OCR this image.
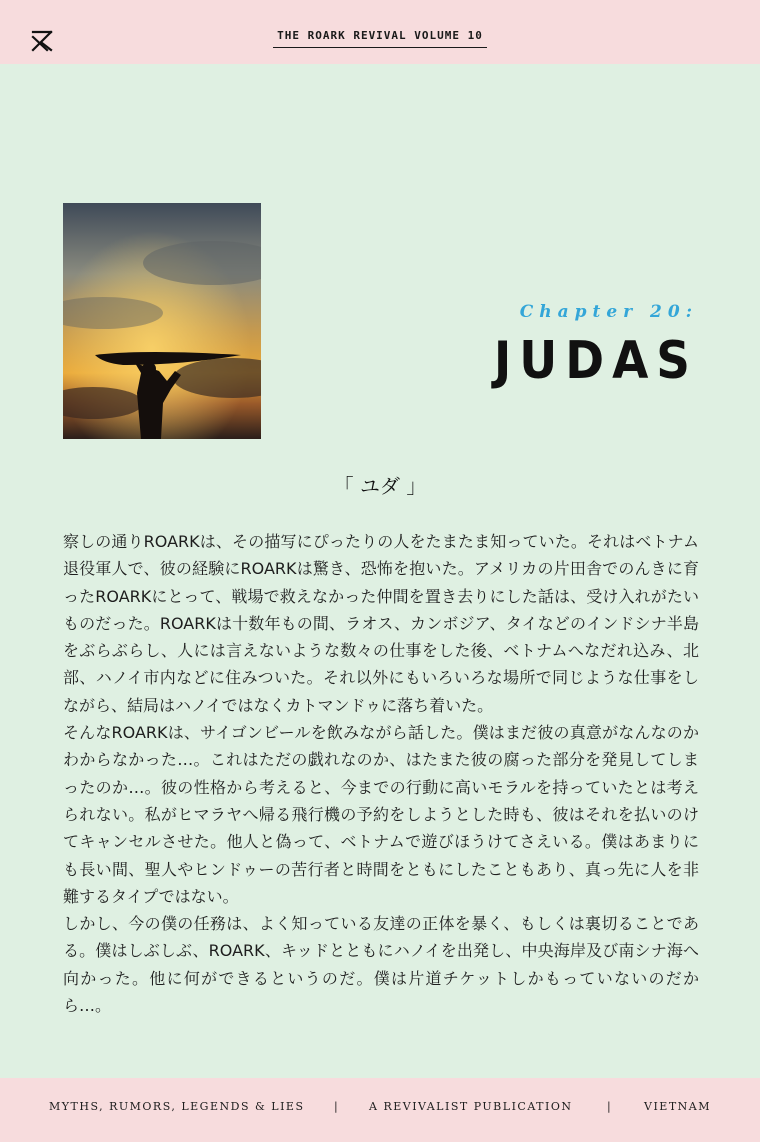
THE ROARK REVIVAL VOLUME 10
Chapter 20:
JUDAS
「 ユダ 」

察しの通りROARKは、その描写にぴったりの人をたまたま知っていた。それはベトナム退役軍人で、彼の経験にROARKは驚き、恐怖を抱いた。アメリカの片田舎でのんきに育ったROARKにとって、戦場で救えなかった仲間を置き去りにした話は、受け入れがたいものだった。ROARKは十数年もの間、ラオス、カンボジア、タイなどのインドシナ半島をぶらぶらし、人には言えないような数々の仕事をした後、ベトナムへなだれ込み、北部、ハノイ市内などに住みついた。それ以外にもいろいろな場所で同じような仕事をしながら、結局はハノイではなくカトマンドゥに落ち着いた。

そんなROARKは、サイゴンビールを飲みながら話した。僕はまだ彼の真意がなんなのかわからなかった…。これはただの戯れなのか、はたまた彼の腐った部分を発見してしまったのか…。彼の性格から考えると、今までの行動に高いモラルを持っていたとは考えられない。私がヒマラヤへ帰る飛行機の予約をしようとした時も、彼はそれを払いのけてキャンセルさせた。他人と偽って、ベトナムで遊びほうけてさえいる。僕はあまりにも長い間、聖人やヒンドゥーの苦行者と時間をともにしたこともあり、真っ先に人を非難するタイプではない。

しかし、今の僕の任務は、よく知っている友達の正体を暴く、もしくは裏切ることである。僕はしぶしぶ、ROARK、キッドとともにハノイを出発し、中央海岸及び南シナ海へ向かった。他に何ができるというのだ。僕は片道チケットしかもっていないのだから…。

MYTHS, RUMORS, LEGENDS & LIES	|	A REVIVALIST PUBLICATION	|	VIETNAM
